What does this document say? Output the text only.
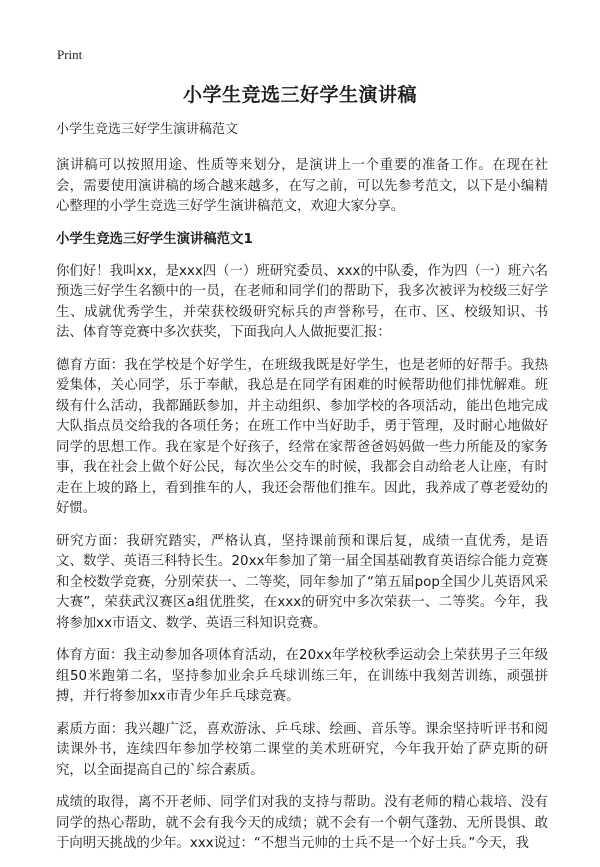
Print
小学生竞选三好学生演讲稿

小学生竞选三好学生演讲稿范文

演讲稿可以按照用途、性质等来划分，是演讲上一个重要的准备工作。在现在社会，需要使用演讲稿的场合越来越多，在写之前，可以先参考范文，以下是小编精心整理的小学生竞选三好学生演讲稿范文，欢迎大家分享。

小学生竞选三好学生演讲稿范文1

你们好！我叫xx，是xxx四（一）班研究委员、xxx的中队委，作为四（一）班六名预选三好学生名额中的一员，在老师和同学们的帮助下，我多次被评为校级三好学生、成就优秀学生，并荣获校级研究标兵的声誉称号，在市、区、校级知识、书法、体育等竞赛中多次获奖，下面我向人人做扼要汇报：

德育方面：我在学校是个好学生，在班级我既是好学生，也是老师的好帮手。我热爱集体，关心同学，乐于奉献，我总是在同学有困难的时候帮助他们排忧解难。班级有什么活动，我都踊跃参加，并主动组织、参加学校的各项活动，能出色地完成大队指点员交给我的各项任务；在班工作中当好助手，勇于管理，及时耐心地做好同学的思想工作。我在家是个好孩子，经常在家帮爸爸妈妈做一些力所能及的家务事，我在社会上做个好公民，每次坐公交车的时候，我都会自动给老人让座，有时走在上坡的路上，看到推车的人，我还会帮他们推车。因此，我养成了尊老爱幼的好惯。

研究方面：我研究踏实，严格认真，坚持课前预和课后复，成绩一直优秀，是语文、数学、英语三科特长生。20xx年参加了第一届全国基础教育英语综合能力竞赛和全校数学竞赛，分别荣获一、二等奖，同年参加了“第五届pop全国少儿英语风采大赛”，荣获武汉赛区a组优胜奖，在xxx的研究中多次荣获一、二等奖。今年，我将参加xx市语文、数学、英语三科知识竞赛。

体育方面：我主动参加各项体育活动，在20xx年学校秋季运动会上荣获男子三年级组50米跑第二名，坚持参加业余乒乓球训练三年，在训练中我刻苦训练，顽强拼搏，并行将参加xx市青少年乒乓球竞赛。

素质方面：我兴趣广泛，喜欢游泳、乒乓球、绘画、音乐等。课余坚持听评书和阅读课外书，连续四年参加学校第二课堂的美术班研究，今年我开始了萨克斯的研究，以全面提高自己的`综合素质。

成绩的取得，离不开老师、同学们对我的支持与帮助。没有老师的精心栽培、没有同学的热心帮助，就不会有我今天的成绩；就不会有一个朝气蓬勃、无所畏惧、敢于向明天挑战的少年。xxx说过：“不想当元帅的士兵不是一个好士兵。”今天，我
